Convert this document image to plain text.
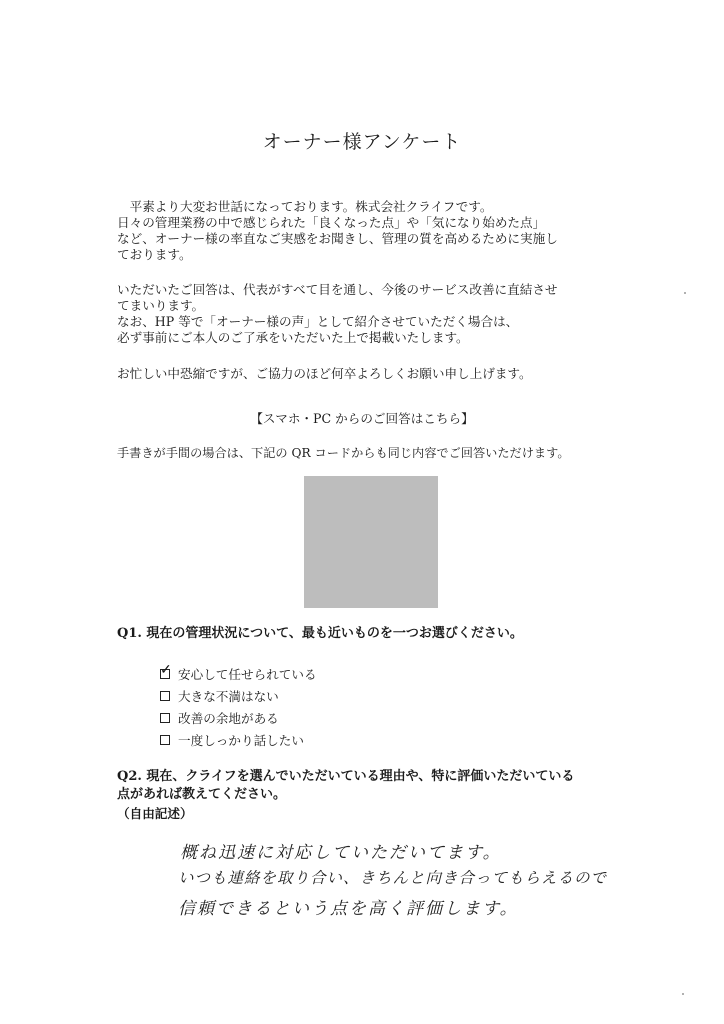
オーナー様アンケート
　平素より大変お世話になっております。株式会社クライフです。
日々の管理業務の中で感じられた「良くなった点」や「気になり始めた点」
など、オーナー様の率直なご実感をお聞きし、管理の質を高めるために実施し
ております。
いただいたご回答は、代表がすべて目を通し、今後のサービス改善に直結させ
てまいります。
なお、HP 等で「オーナー様の声」として紹介させていただく場合は、
必ず事前にご本人のご了承をいただいた上で掲載いたします。
お忙しい中恐縮ですが、ご協力のほど何卒よろしくお願い申し上げます。
【スマホ・PC からのご回答はこちら】
手書きが手間の場合は、下記の QR コードからも同じ内容でご回答いただけます。
Q1. 現在の管理状況について、最も近いものを一つお選びください。
✓ 安心して任せられている
大きな不満はない
改善の余地がある
一度しっかり話したい
Q2. 現在、クライフを選んでいただいている理由や、特に評価いただいている
点があれば教えてください。
（自由記述）
概ね迅速に対応していただいてます。
いつも連絡を取り合い、きちんと向き合ってもらえるので
信頼できるという点を高く評価します。
